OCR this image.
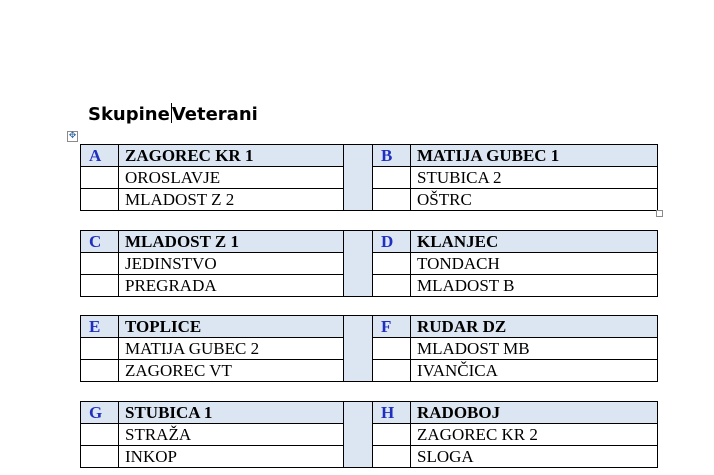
Skupine Veterani
✥
A	ZAGOREC KR 1		B	MATIJA GUBEC 1
	OROSLAVJE			STUBICA 2
	MLADOST Z 2			OŠTRC
C	MLADOST Z 1		D	KLANJEC
	JEDINSTVO			TONDACH
	PREGRADA			MLADOST B
E	TOPLICE		F	RUDAR DZ
	MATIJA GUBEC 2			MLADOST MB
	ZAGOREC VT			IVANČICA
G	STUBICA 1		H	RADOBOJ
	STRAŽA			ZAGOREC KR 2
	INKOP			SLOGA
